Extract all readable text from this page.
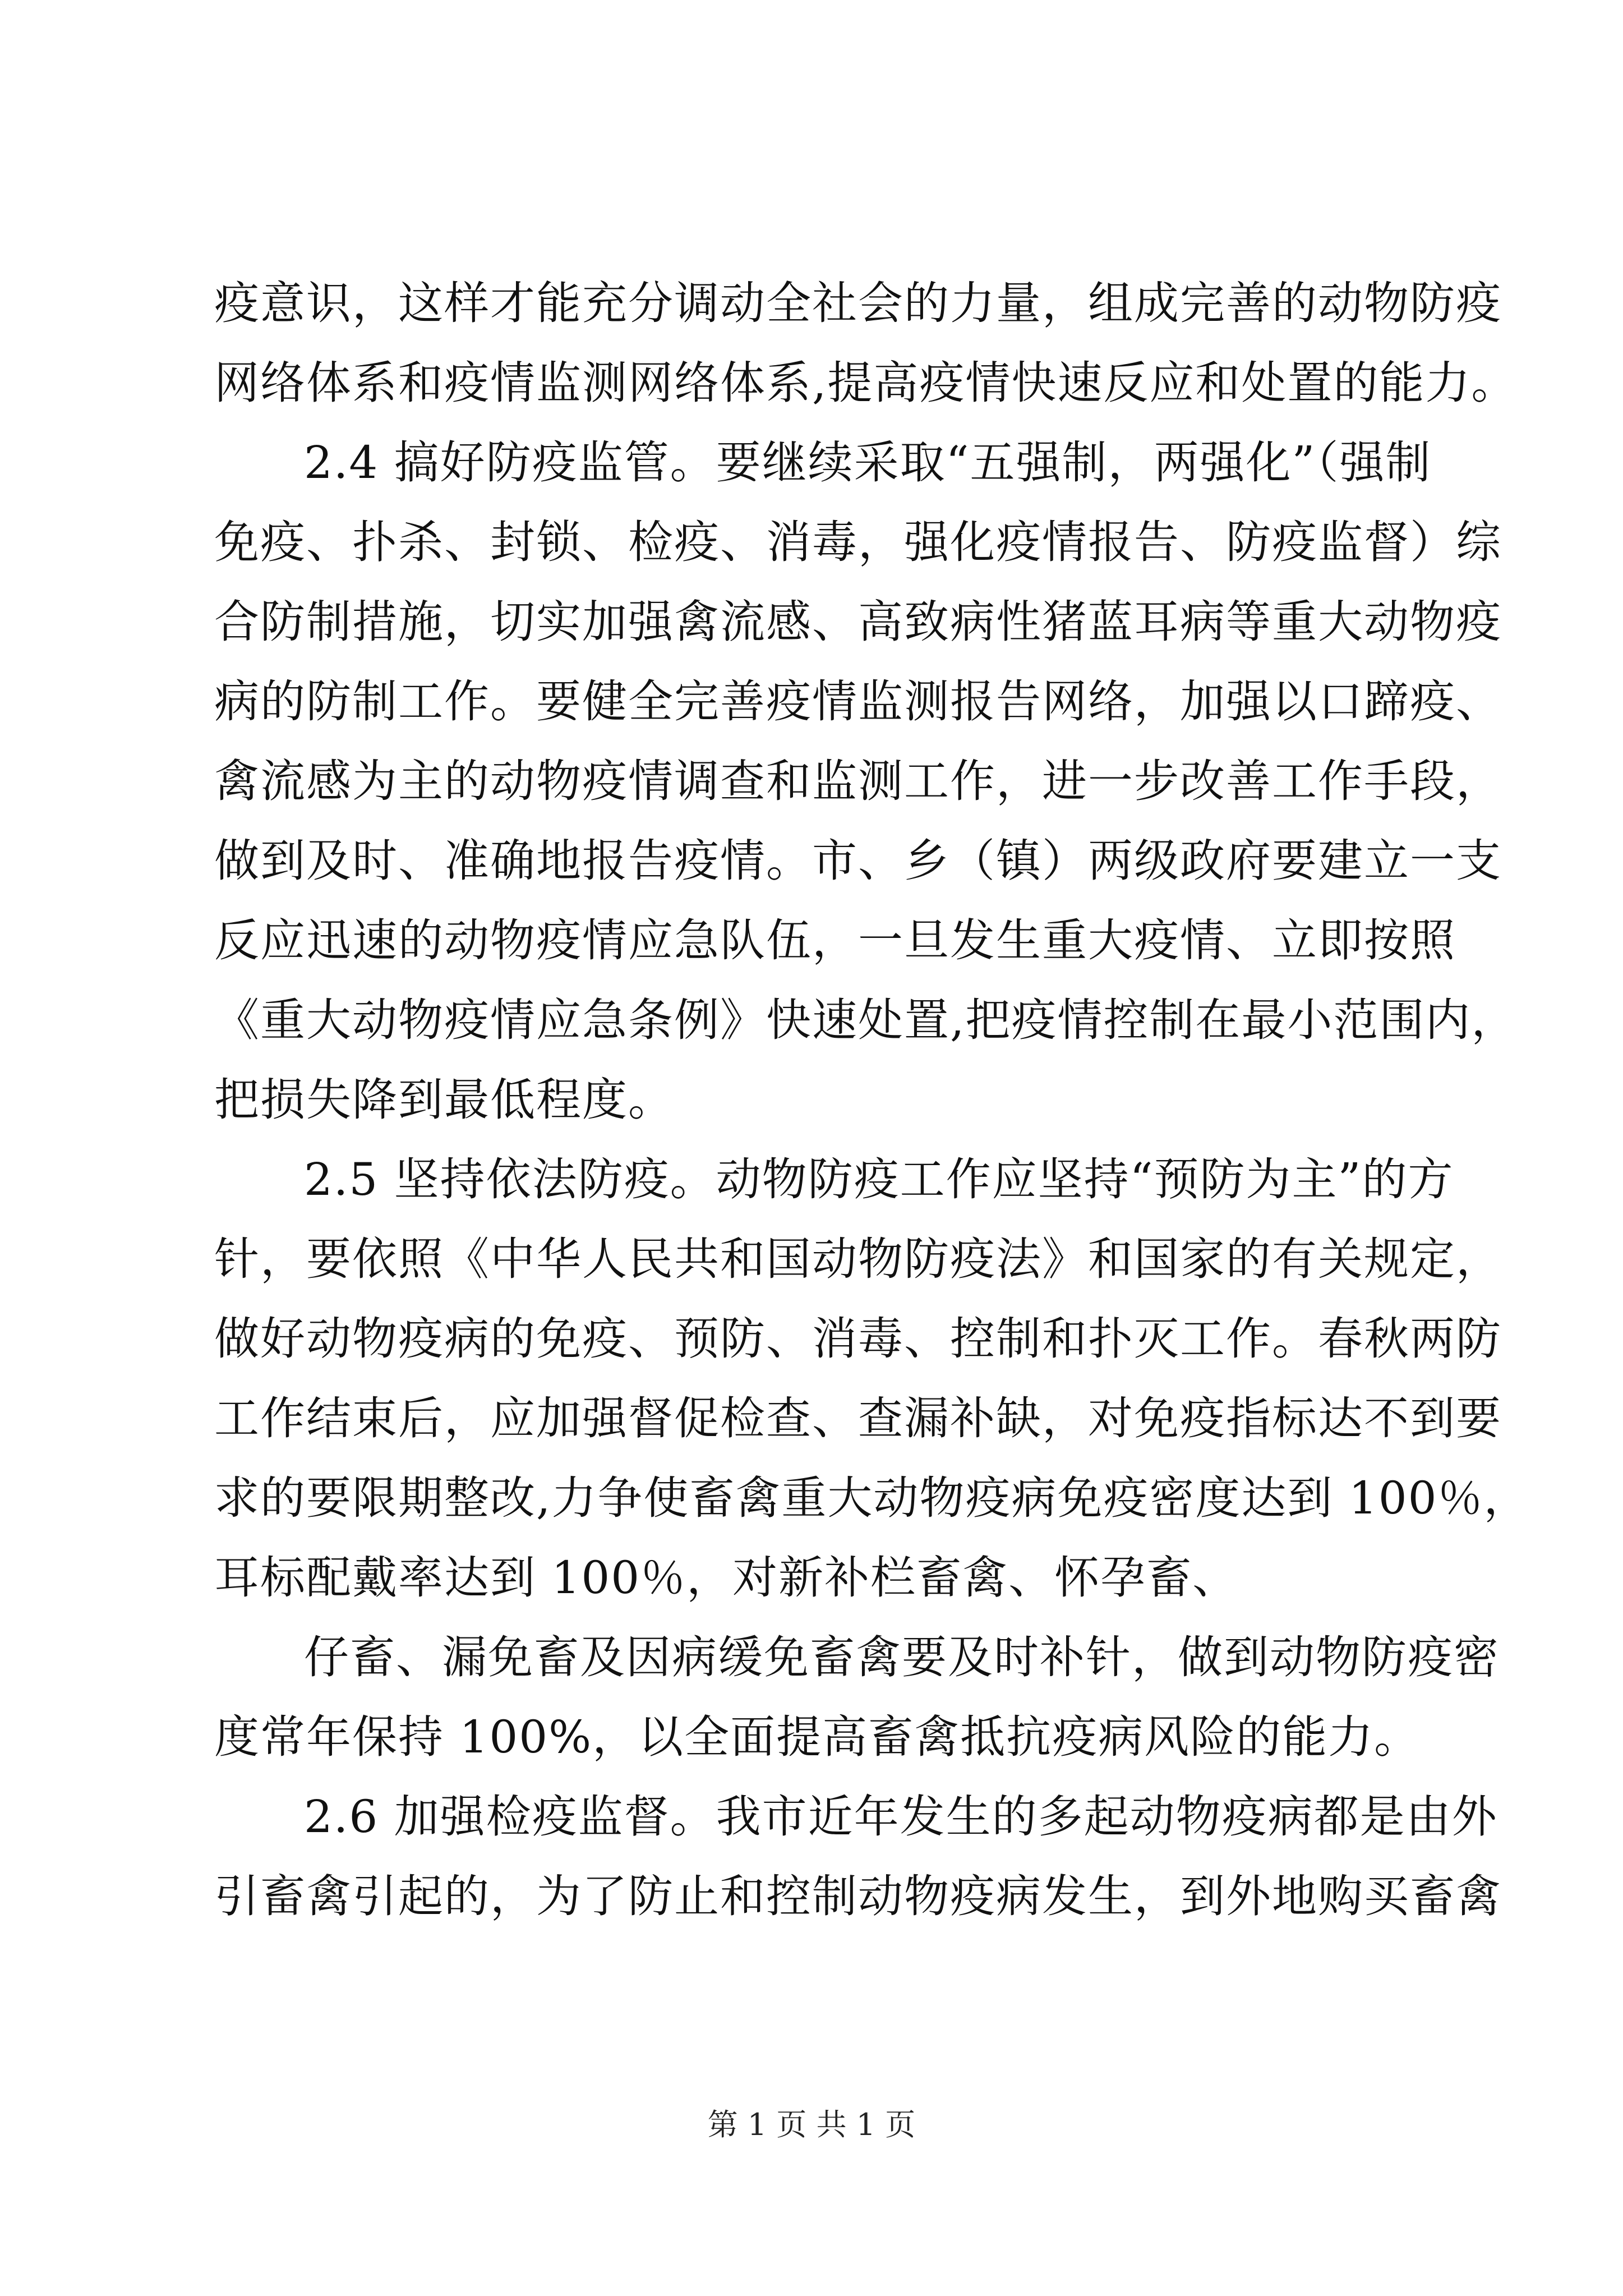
疫意识，这样才能充分调动全社会的力量，组成完善的动物防疫
网络体系和疫情监测网络体系,提高疫情快速反应和处置的能力。
2.4 搞好防疫监管。要继续采取“五强制，两强化”（强制
免疫、扑杀、封锁、检疫、消毒，强化疫情报告、防疫监督）综
合防制措施，切实加强禽流感、高致病性猪蓝耳病等重大动物疫
病的防制工作。要健全完善疫情监测报告网络，加强以口蹄疫、
禽流感为主的动物疫情调查和监测工作，进一步改善工作手段，
做到及时、准确地报告疫情。市、乡（镇）两级政府要建立一支
反应迅速的动物疫情应急队伍，一旦发生重大疫情、立即按照
《重大动物疫情应急条例》快速处置,把疫情控制在最小范围内，
把损失降到最低程度。
2.5 坚持依法防疫。动物防疫工作应坚持“预防为主”的方
针，要依照《中华人民共和国动物防疫法》和国家的有关规定，
做好动物疫病的免疫、预防、消毒、控制和扑灭工作。春秋两防
工作结束后，应加强督促检查、查漏补缺，对免疫指标达不到要
求的要限期整改,力争使畜禽重大动物疫病免疫密度达到 100％，
耳标配戴率达到 100％，对新补栏畜禽、怀孕畜、
仔畜、漏免畜及因病缓免畜禽要及时补针，做到动物防疫密
度常年保持 100%，以全面提高畜禽抵抗疫病风险的能力。
2.6 加强检疫监督。我市近年发生的多起动物疫病都是由外
引畜禽引起的，为了防止和控制动物疫病发生，到外地购买畜禽
第 1 页 共 1 页
